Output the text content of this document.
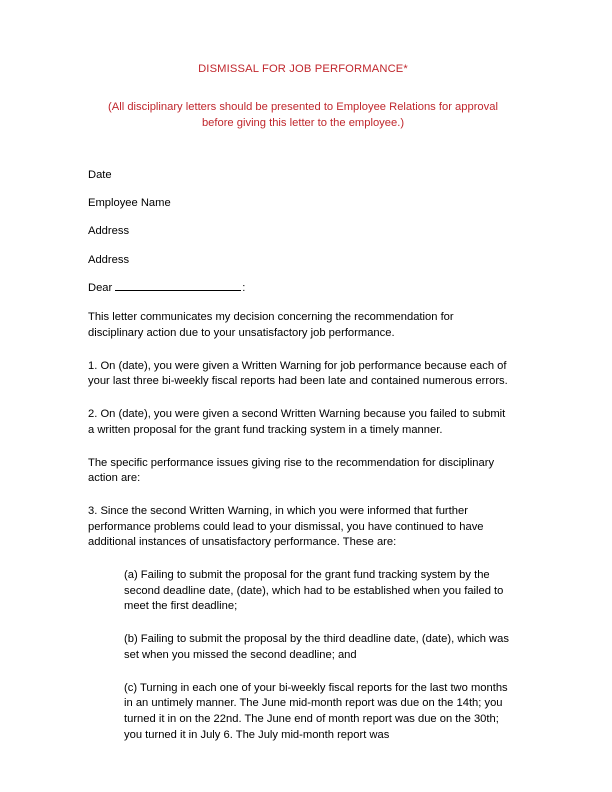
DISMISSAL FOR JOB PERFORMANCE*
(All disciplinary letters should be presented to Employee Relations for approval
before giving this letter to the employee.)
Date
Employee Name
Address
Address
Dear	:

This letter communicates my decision concerning the recommendation for disciplinary action due to your unsatisfactory job performance.

1. On (date), you were given a Written Warning for job performance because each of your last three bi-weekly fiscal reports had been late and contained numerous errors.

2. On (date), you were given a second Written Warning because you failed to submit a written proposal for the grant fund tracking system in a timely manner.

The specific performance issues giving rise to the recommendation for disciplinary action are:

3. Since the second Written Warning, in which you were informed that further performance problems could lead to your dismissal, you have continued to have additional instances of unsatisfactory performance. These are:

(a) Failing to submit the proposal for the grant fund tracking system by the second deadline date, (date), which had to be established when you failed to meet the first deadline;

(b) Failing to submit the proposal by the third deadline date, (date), which was set when you missed the second deadline; and

(c) Turning in each one of your bi-weekly fiscal reports for the last two months in an untimely manner. The June mid-month report was due on the 14th; you turned it in on the 22nd. The June end of month report was due on the 30th; you turned it in July 6. The July mid-month report was
